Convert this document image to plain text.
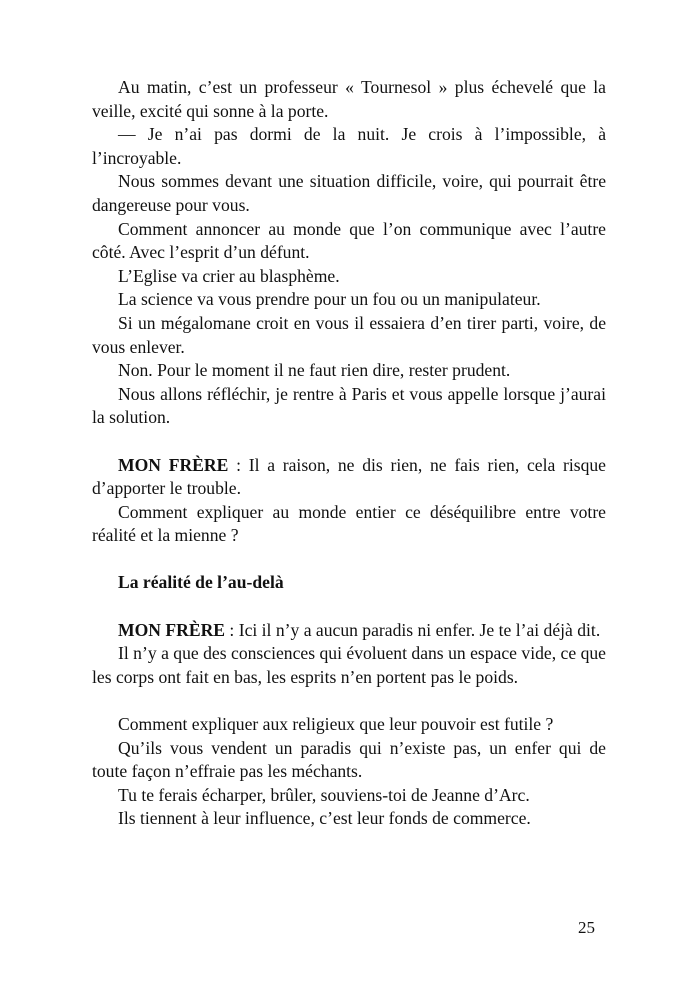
Au matin, c’est un professeur « Tournesol » plus échevelé que la veille, excité qui sonne à la porte.

— Je n’ai pas dormi de la nuit. Je crois à l’impossible, à l’incroyable.

Nous sommes devant une situation difficile, voire, qui pourrait être dangereuse pour vous.

Comment annoncer au monde que l’on communique avec l’autre côté. Avec l’esprit d’un défunt.

L’Eglise va crier au blasphème.

La science va vous prendre pour un fou ou un manipulateur.

Si un mégalomane croit en vous il essaiera d’en tirer parti, voire, de vous enlever.

Non. Pour le moment il ne faut rien dire, rester prudent.

Nous allons réfléchir, je rentre à Paris et vous appelle lorsque j’aurai la solution.

MON FRÈRE : Il a raison, ne dis rien, ne fais rien, cela risque d’apporter le trouble.

Comment expliquer au monde entier ce déséquilibre entre votre réalité et la mienne ?

La réalité de l’au-delà

MON FRÈRE : Ici il n’y a aucun paradis ni enfer. Je te l’ai déjà dit.

Il n’y a que des consciences qui évoluent dans un espace vide, ce que les corps ont fait en bas, les esprits n’en portent pas le poids.

Comment expliquer aux religieux que leur pouvoir est futile ?

Qu’ils vous vendent un paradis qui n’existe pas, un enfer qui de toute façon n’effraie pas les méchants.

Tu te ferais écharper, brûler, souviens-toi de Jeanne d’Arc.

Ils tiennent à leur influence, c’est leur fonds de commerce.

25
